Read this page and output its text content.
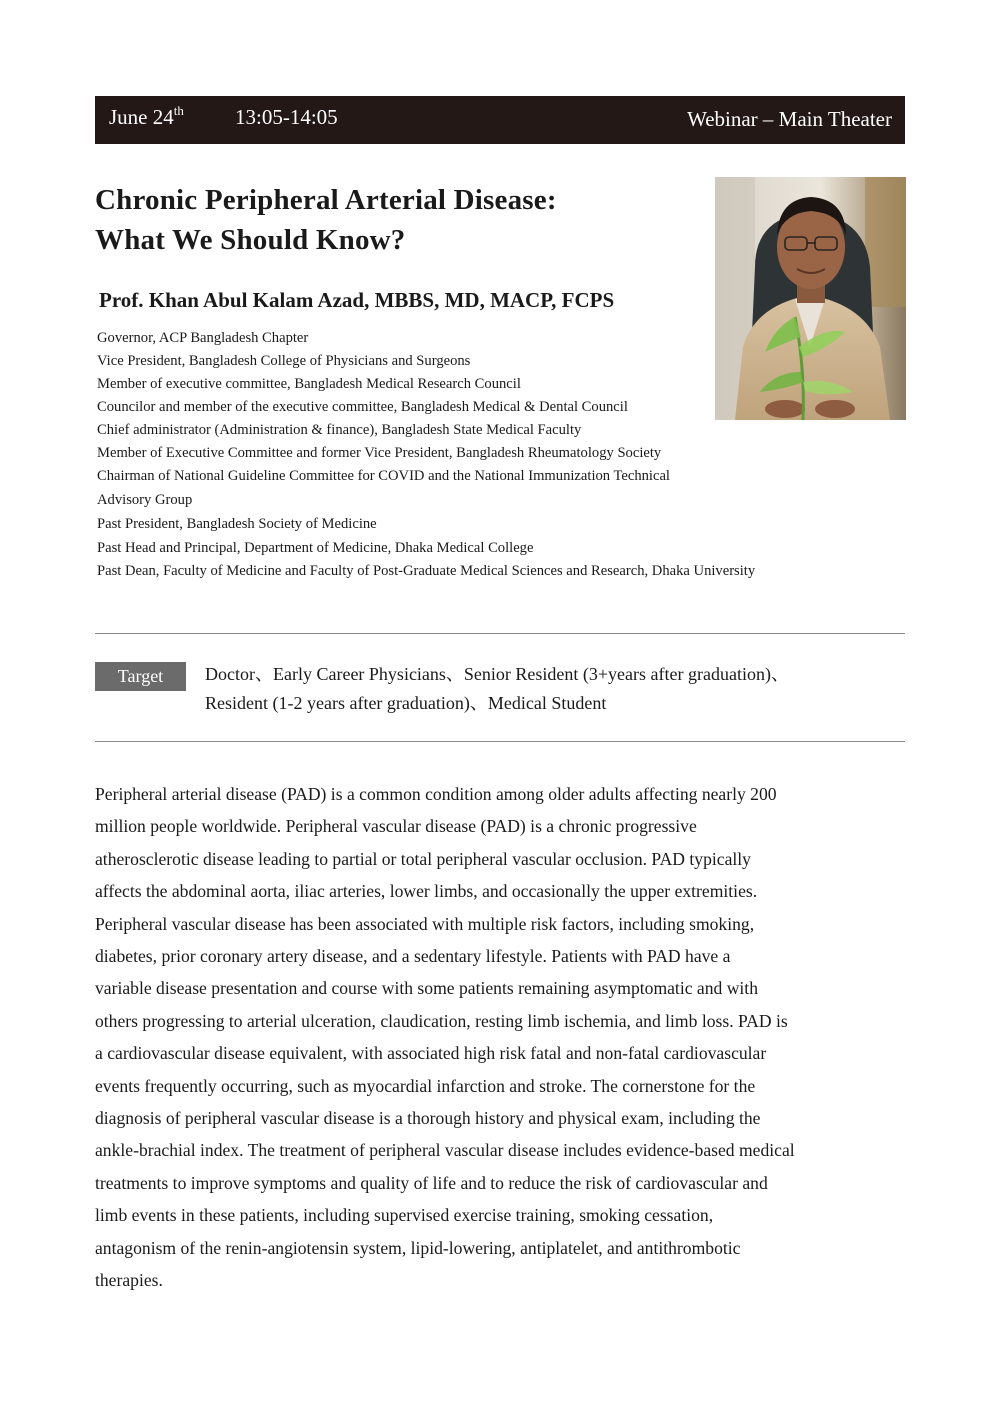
June 24th 13:05-14:05	Webinar – Main Theater
Chronic Peripheral Arterial Disease:
What We Should Know?
Prof. Khan Abul Kalam Azad, MBBS, MD, MACP, FCPS
Governor, ACP Bangladesh Chapter
Vice President, Bangladesh College of Physicians and Surgeons
Member of executive committee, Bangladesh Medical Research Council
Councilor and member of the executive committee, Bangladesh Medical & Dental Council
Chief administrator (Administration & finance), Bangladesh State Medical Faculty
Member of Executive Committee and former Vice President, Bangladesh Rheumatology Society
Chairman of National Guideline Committee for COVID and the National Immunization Technical
Advisory Group
Past President, Bangladesh Society of Medicine
Past Head and Principal, Department of Medicine, Dhaka Medical College
Past Dean, Faculty of Medicine and Faculty of Post-Graduate Medical Sciences and Research, Dhaka University
Target	Doctor、Early Career Physicians、Senior Resident (3+years after graduation)、
Resident (1-2 years after graduation)、Medical Student

Peripheral arterial disease (PAD) is a common condition among older adults affecting nearly 200
million people worldwide. Peripheral vascular disease (PAD) is a chronic progressive
atherosclerotic disease leading to partial or total peripheral vascular occlusion. PAD typically
affects the abdominal aorta, iliac arteries, lower limbs, and occasionally the upper extremities.
Peripheral vascular disease has been associated with multiple risk factors, including smoking,
diabetes, prior coronary artery disease, and a sedentary lifestyle. Patients with PAD have a
variable disease presentation and course with some patients remaining asymptomatic and with
others progressing to arterial ulceration, claudication, resting limb ischemia, and limb loss. PAD is
a cardiovascular disease equivalent, with associated high risk fatal and non-fatal cardiovascular
events frequently occurring, such as myocardial infarction and stroke. The cornerstone for the
diagnosis of peripheral vascular disease is a thorough history and physical exam, including the
ankle-brachial index. The treatment of peripheral vascular disease includes evidence-based medical
treatments to improve symptoms and quality of life and to reduce the risk of cardiovascular and
limb events in these patients, including supervised exercise training, smoking cessation,
antagonism of the renin-angiotensin system, lipid-lowering, antiplatelet, and antithrombotic
therapies.
